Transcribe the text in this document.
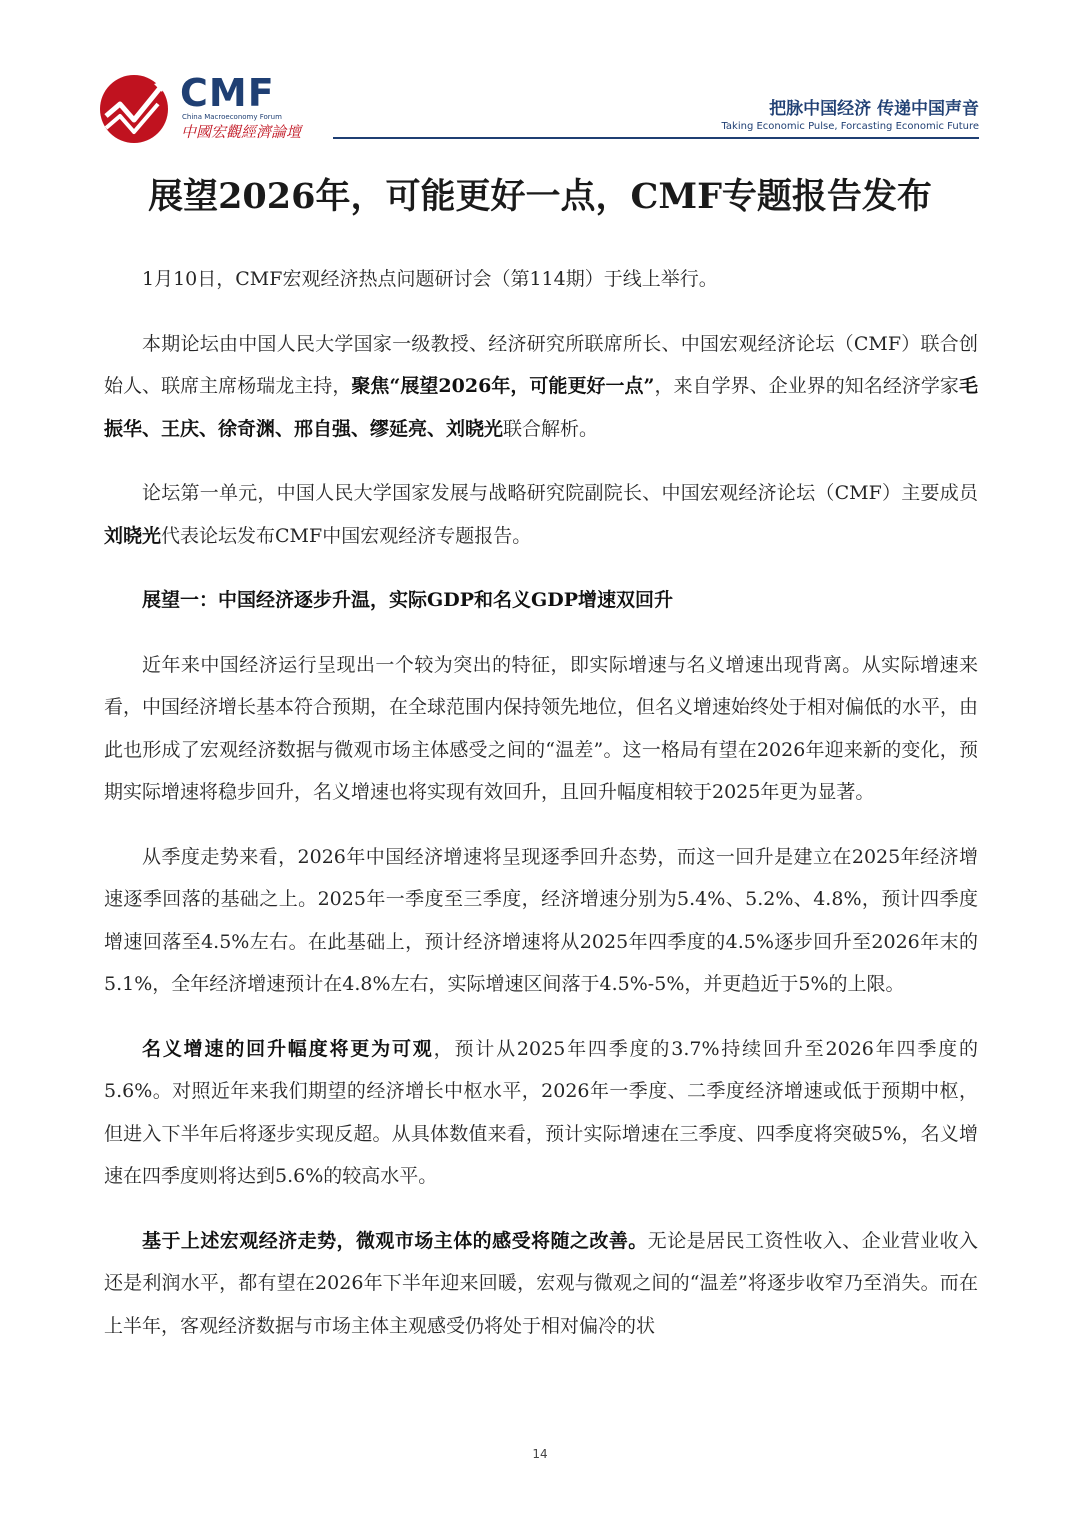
CMF
China Macroeconomy Forum
中國宏觀經濟論壇
把脉中国经济 传递中国声音
Taking Economic Pulse, Forcasting Economic Future
展望2026年，可能更好一点，CMF专题报告发布

1月10日，CMF宏观经济热点问题研讨会（第114期）于线上举行。

本期论坛由中国人民大学国家一级教授、经济研究所联席所长、中国宏观经济论坛（CMF）联合创始人、联席主席杨瑞龙主持，聚焦“展望2026年，可能更好一点”，来自学界、企业界的知名经济学家毛振华、王庆、徐奇渊、邢自强、缪延亮、刘晓光联合解析。

论坛第一单元，中国人民大学国家发展与战略研究院副院长、中国宏观经济论坛（CMF）主要成员刘晓光代表论坛发布CMF中国宏观经济专题报告。

展望一：中国经济逐步升温，实际GDP和名义GDP增速双回升

近年来中国经济运行呈现出一个较为突出的特征，即实际增速与名义增速出现背离。从实际增速来看，中国经济增长基本符合预期，在全球范围内保持领先地位，但名义增速始终处于相对偏低的水平，由此也形成了宏观经济数据与微观市场主体感受之间的“温差”。这一格局有望在2026年迎来新的变化，预期实际增速将稳步回升，名义增速也将实现有效回升，且回升幅度相较于2025年更为显著。

从季度走势来看，2026年中国经济增速将呈现逐季回升态势，而这一回升是建立在2025年经济增速逐季回落的基础之上。2025年一季度至三季度，经济增速分别为5.4%、5.2%、4.8%，预计四季度增速回落至4.5%左右。在此基础上，预计经济增速将从2025年四季度的4.5%逐步回升至2026年末的5.1%，全年经济增速预计在4.8%左右，实际增速区间落于4.5%-5%，并更趋近于5%的上限。

名义增速的回升幅度将更为可观，预计从2025年四季度的3.7%持续回升至2026年四季度的5.6%。对照近年来我们期望的经济增长中枢水平，2026年一季度、二季度经济增速或低于预期中枢，但进入下半年后将逐步实现反超。从具体数值来看，预计实际增速在三季度、四季度将突破5%，名义增速在四季度则将达到5.6%的较高水平。

基于上述宏观经济走势，微观市场主体的感受将随之改善。无论是居民工资性收入、企业营业收入还是利润水平，都有望在2026年下半年迎来回暖，宏观与微观之间的“温差”将逐步收窄乃至消失。而在上半年，客观经济数据与市场主体主观感受仍将处于相对偏冷的状

14
